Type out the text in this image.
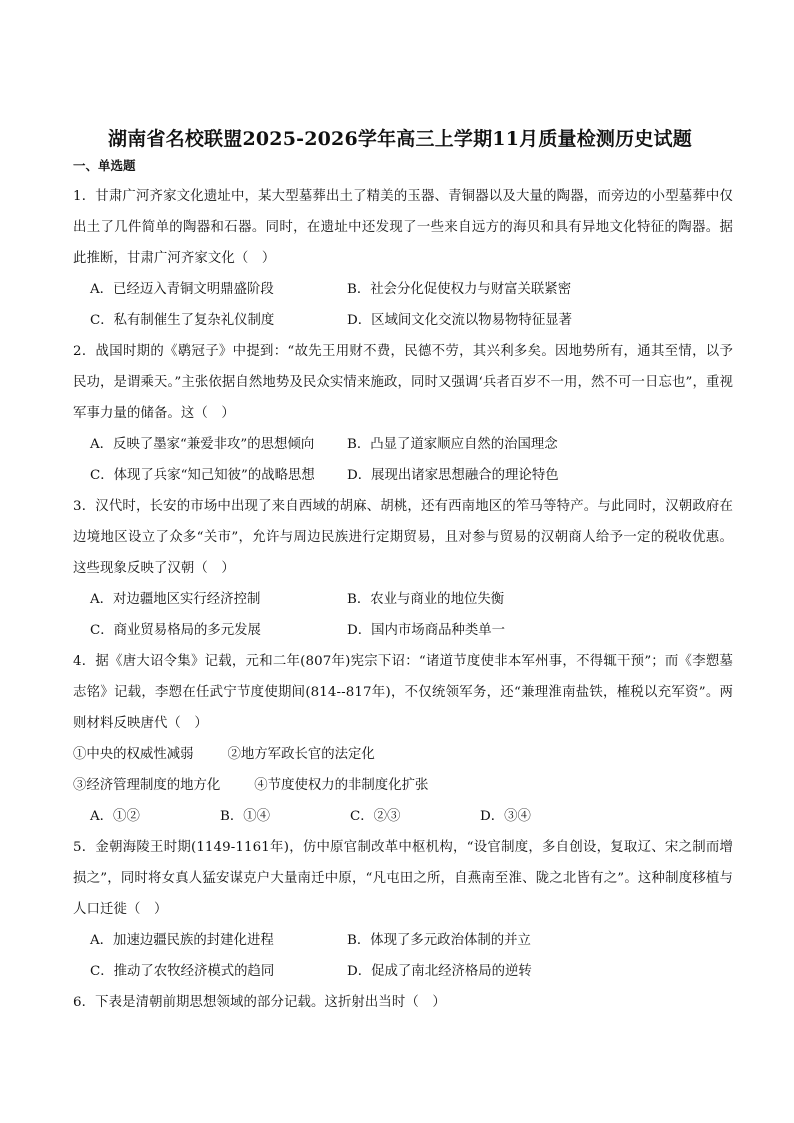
湖南省名校联盟2025-2026学年高三上学期11月质量检测历史试题
一、单选题

1．甘肃广河齐家文化遗址中，某大型墓葬出土了精美的玉器、青铜器以及大量的陶器，而旁边的小型墓葬中仅出土了几件简单的陶器和石器。同时，在遗址中还发现了一些来自远方的海贝和具有异地文化特征的陶器。据此推断，甘肃广河齐家文化（　）

A．已经迈入青铜文明鼎盛阶段	B．社会分化促使权力与财富关联紧密
C．私有制催生了复杂礼仪制度	D．区域间文化交流以物易物特征显著

2．战国时期的《鹖冠子》中提到：“故先王用财不费，民德不劳，其兴利多矣。因地势所有，通其至情，以予民功，是谓乘天。”主张依据自然地势及民众实情来施政，同时又强调‘兵者百岁不一用，然不可一日忘也”，重视军事力量的储备。这（　）

A．反映了墨家“兼爱非攻”的思想倾向	B．凸显了道家顺应自然的治国理念
C．体现了兵家“知己知彼”的战略思想	D．展现出诸家思想融合的理论特色

3．汉代时，长安的市场中出现了来自西域的胡麻、胡桃，还有西南地区的笮马等特产。与此同时，汉朝政府在边境地区设立了众多“关市”，允许与周边民族进行定期贸易，且对参与贸易的汉朝商人给予一定的税收优惠。这些现象反映了汉朝（　）

A．对边疆地区实行经济控制	B．农业与商业的地位失衡
C．商业贸易格局的多元发展	D．国内市场商品种类单一

4．据《唐大诏令集》记载，元和二年(807年)宪宗下诏：“诸道节度使非本军州事，不得辄干预”；而《李愬墓志铭》记载，李愬在任武宁节度使期间(814--817年)，不仅统领军务，还“兼理淮南盐铁，榷税以充军资”。两则材料反映唐代（　）

①中央的权威性减弱	②地方军政长官的法定化
③经济管理制度的地方化	④节度使权力的非制度化扩张
A．①②	B．①④	C．②③	D．③④

5．金朝海陵王时期(1149-1161年)，仿中原官制改革中枢机构，“设官制度，多自创设，复取辽、宋之制而增损之”，同时将女真人猛安谋克户大量南迁中原，“凡屯田之所，自燕南至淮、陇之北皆有之”。这种制度移植与人口迁徙（　）

A．加速边疆民族的封建化进程	B．体现了多元政治体制的并立
C．推动了农牧经济模式的趋同	D．促成了南北经济格局的逆转

6．下表是清朝前期思想领域的部分记载。这折射出当时（　）
